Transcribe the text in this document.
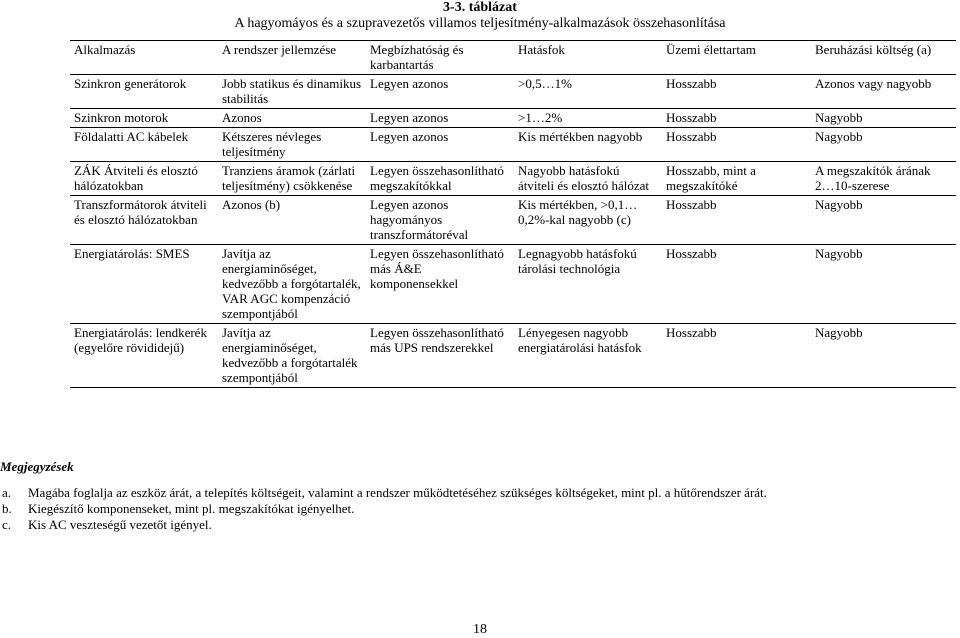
3-3. táblázat
A hagyomáyos és a szupravezetős villamos teljesítmény-alkalmazások összehasonlítása
Alkalmazás	A rendszer jellemzése	Megbízhatóság és karbantartás	Hatásfok	Üzemi élettartam	Beruházási költség (a)
Szinkron generátorok	Jobb statikus és dinamikus stabilitás	Legyen azonos	>0,5…1%	Hosszabb	Azonos vagy nagyobb
Szinkron motorok	Azonos	Legyen azonos	>1…2%	Hosszabb	Nagyobb
Földalatti AC kábelek	Kétszeres névleges teljesítmény	Legyen azonos	Kis mértékben nagyobb	Hosszabb	Nagyobb
ZÁK Átviteli és elosztó hálózatokban	Tranziens áramok (zárlati teljesítmény) csökkenése	Legyen összehasonlítható megszakítókkal	Nagyobb hatásfokú átviteli és elosztó hálózat	Hosszabb, mint a megszakítóké	A megszakítók árának 2…10-szerese
Transzformátorok átviteli és elosztó hálózatokban	Azonos (b)	Legyen azonos hagyományos transzformátoréval	Kis mértékben, >0,1…0,2%-kal nagyobb (c)	Hosszabb	Nagyobb
Energiatárolás: SMES	Javítja az energiaminőséget, kedvezőbb a forgótartalék, VAR AGC kompenzáció szempontjából	Legyen összehasonlítható más Á&E komponensekkel	Legnagyobb hatásfokú tárolási technológia	Hosszabb	Nagyobb
Energiatárolás: lendkerék (egyelőre rövididejű)	Javítja az energiaminőséget, kedvezőbb a forgótartalék szempontjából	Legyen összehasonlítható más UPS rendszerekkel	Lényegesen nagyobb energiatárolási hatásfok	Hosszabb	Nagyobb
Megjegyzések
a.	Magába foglalja az eszköz árát, a telepítés költségeit, valamint a rendszer működtetéséhez szükséges költségeket, mint pl. a hűtőrendszer árát.
b.	Kiegészítő komponenseket, mint pl. megszakítókat igényelhet.
c.	Kis AC veszteségű vezetőt igényel.
18
